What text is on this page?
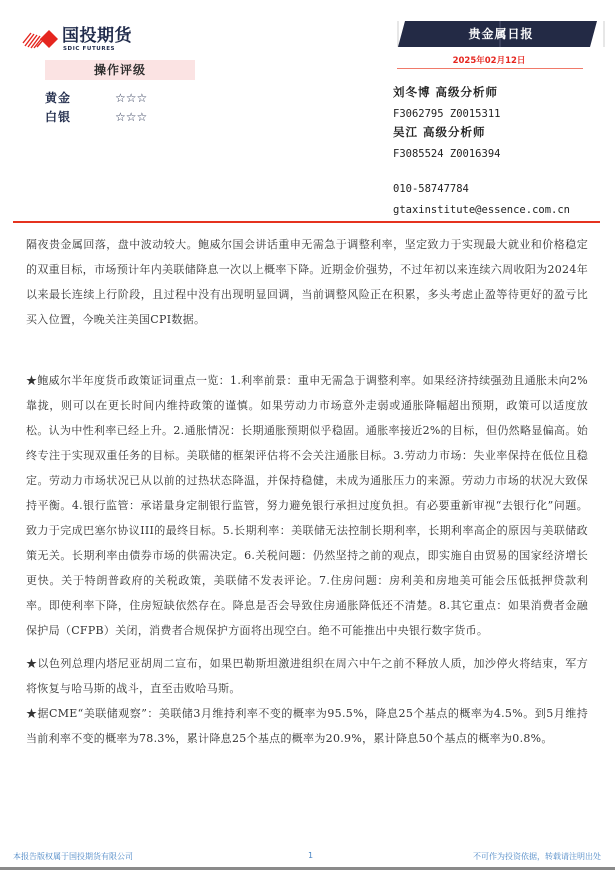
国投期货
SDIC FUTURES
操作评级
黄金	☆☆☆
白银	☆☆☆
贵金属日报
2025年02月12日
刘冬博 高级分析师
F3062795 Z0015311
吴江 高级分析师
F3085524 Z0016394
010-58747784
gtaxinstitute@essence.com.cn
隔夜贵金属回落，盘中波动较大。鲍威尔国会讲话重申无需急于调整利率，坚定致力于实现最大就业和价格稳定的双重目标，市场预计年内美联储降息一次以上概率下降。近期金价强势，不过年初以来连续六周收阳为2024年以来最长连续上行阶段，且过程中没有出现明显回调，当前调整风险正在积累，多头考虑止盈等待更好的盈亏比买入位置，今晚关注美国CPI数据。
★鲍威尔半年度货币政策证词重点一览：1.利率前景：重申无需急于调整利率。如果经济持续强劲且通胀未向2%靠拢，则可以在更长时间内维持政策的谨慎。如果劳动力市场意外走弱或通胀降幅超出预期，政策可以适度放松。认为中性利率已经上升。2.通胀情况：长期通胀预期似乎稳固。通胀率接近2%的目标，但仍然略显偏高。始终专注于实现双重任务的目标。美联储的框架评估将不会关注通胀目标。3.劳动力市场：失业率保持在低位且稳定。劳动力市场状况已从以前的过热状态降温，并保持稳健，未成为通胀压力的来源。劳动力市场的状况大致保持平衡。4.银行监管：承诺量身定制银行监管，努力避免银行承担过度负担。有必要重新审视“去银行化”问题。致力于完成巴塞尔协议III的最终目标。5.长期利率：美联储无法控制长期利率，长期利率高企的原因与美联储政策无关。长期利率由债券市场的供需决定。6.关税问题：仍然坚持之前的观点，即实施自由贸易的国家经济增长更快。关于特朗普政府的关税政策，美联储不发表评论。7.住房问题：房利美和房地美可能会压低抵押贷款利率。即使利率下降，住房短缺依然存在。降息是否会导致住房通胀降低还不清楚。8.其它重点：如果消费者金融保护局（CFPB）关闭，消费者合规保护方面将出现空白。绝不可能推出中央银行数字货币。
★以色列总理内塔尼亚胡周二宣布，如果巴勒斯坦激进组织在周六中午之前不释放人质，加沙停火将结束，军方将恢复与哈马斯的战斗，直至击败哈马斯。
★据CME“美联储观察”：美联储3月维持利率不变的概率为95.5%，降息25个基点的概率为4.5%。到5月维持当前利率不变的概率为78.3%，累计降息25个基点的概率为20.9%，累计降息50个基点的概率为0.8%。
本报告版权属于国投期货有限公司	1	不可作为投资依据，转载请注明出处
